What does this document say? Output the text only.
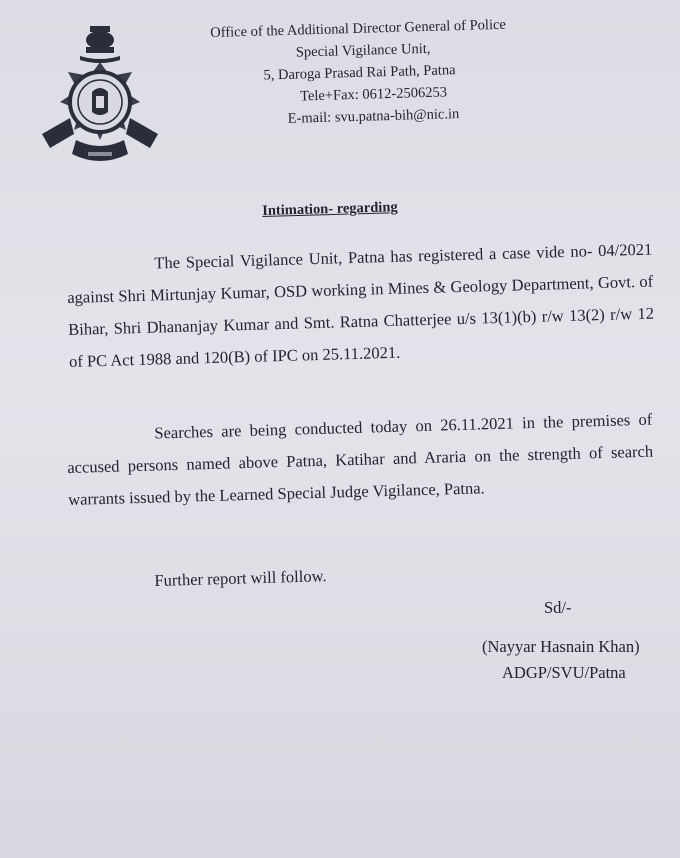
Office of the Additional Director General of Police
Special Vigilance Unit,
5, Daroga Prasad Rai Path, Patna
Tele+Fax: 0612-2506253
E-mail: svu.patna-bih@nic.in
Intimation- regarding
The Special Vigilance Unit, Patna has registered a case vide no- 04/2021 against Shri Mirtunjay Kumar, OSD working in Mines & Geology Department, Govt. of Bihar, Shri Dhananjay Kumar and Smt. Ratna Chatterjee u/s 13(1)(b) r/w 13(2) r/w 12 of PC Act 1988 and 120(B) of IPC on 25.11.2021.
Searches are being conducted today on 26.11.2021 in the premises of accused persons named above Patna, Katihar and Araria on the strength of search warrants issued by the Learned Special Judge Vigilance, Patna.
Further report will follow.
Sd/-
(Nayyar Hasnain Khan)
ADGP/SVU/Patna
